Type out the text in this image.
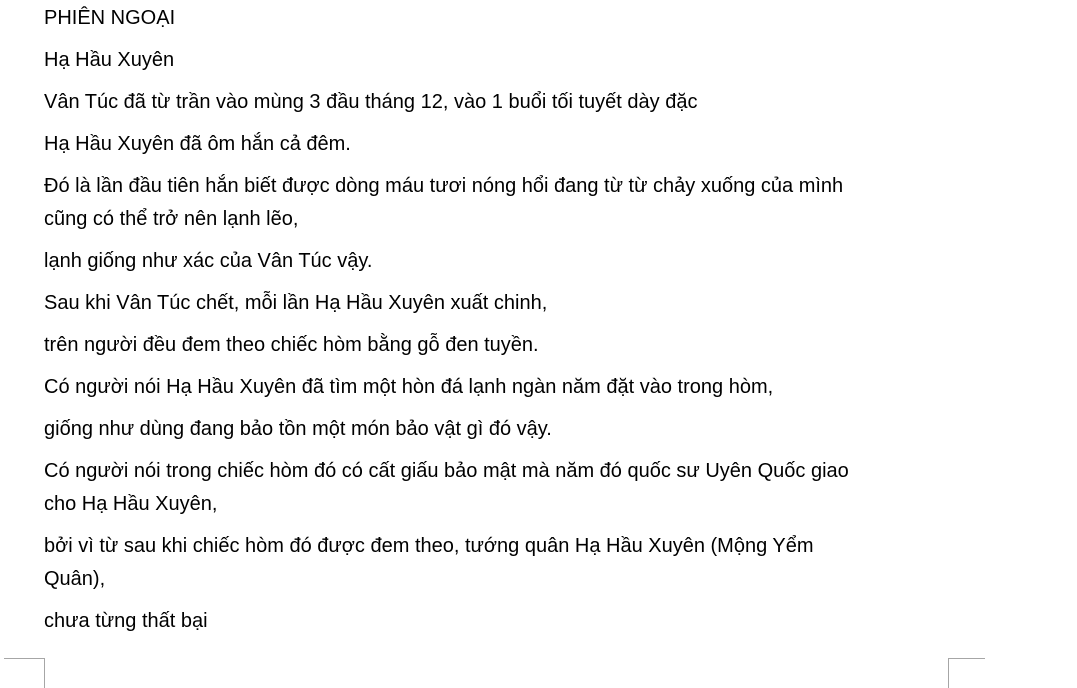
PHIÊN NGOẠI
Hạ Hầu Xuyên
Vân Túc đã từ trần vào mùng 3 đầu tháng 12, vào 1 buổi tối tuyết dày đặc
Hạ Hầu Xuyên đã ôm hắn cả đêm.
Đó là lần đầu tiên hắn biết được dòng máu tươi nóng hổi đang từ từ chảy xuống của mình
cũng có thể trở nên lạnh lẽo,
lạnh giống như xác của Vân Túc vậy.
Sau khi Vân Túc chết, mỗi lần Hạ Hầu Xuyên xuất chinh,
trên người đều đem theo chiếc hòm bằng gỗ đen tuyền.
Có người nói Hạ Hầu Xuyên đã tìm một hòn đá lạnh ngàn năm đặt vào trong hòm,
giống như dùng đang bảo tồn một món bảo vật gì đó vậy.
Có người nói trong chiếc hòm đó có cất giấu bảo mật mà năm đó quốc sư Uyên Quốc giao
cho Hạ Hầu Xuyên,
bởi vì từ sau khi chiếc hòm đó được đem theo, tướng quân Hạ Hầu Xuyên (Mộng Yểm
Quân),
chưa từng thất bại
